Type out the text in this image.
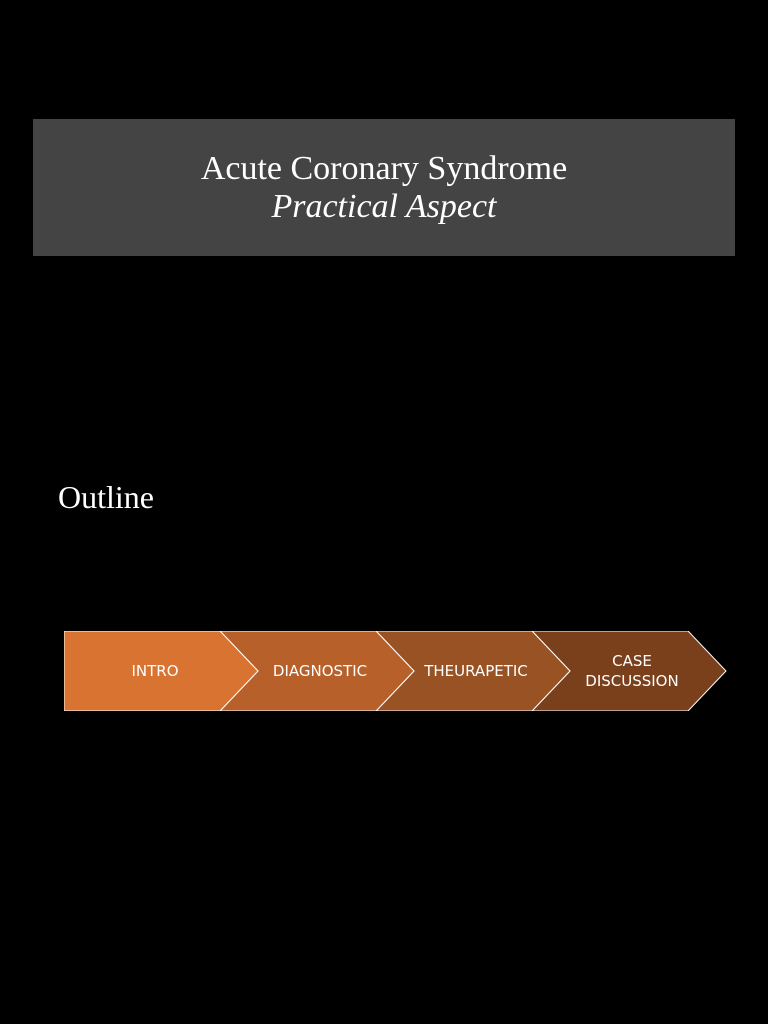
Acute Coronary Syndrome
Practical Aspect
Outline
INTRO	DIAGNOSTIC	THEURAPETIC
CASE
DISCUSSION
